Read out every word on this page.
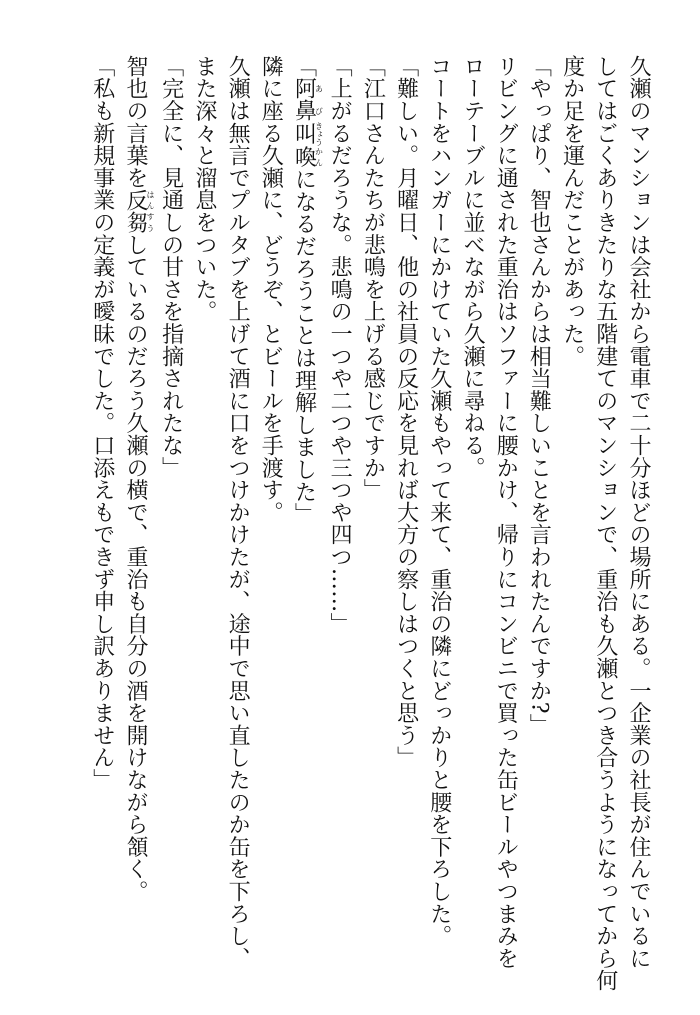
久瀬のマンションは会社から電車で二十分ほどの場所にある。一企業の社長が住んでいるに

してはごくありきたりな五階建てのマンションで、重治も久瀬とつき合うようになってから何

度か足を運んだことがあった。

「やっぱり、智也さんからは相当難しいことを言われたんですか?」

リビングに通された重治はソファーに腰かけ、帰りにコンビニで買った缶ビールやつまみを

ローテーブルに並べながら久瀬に尋ねる。

コートをハンガーにかけていた久瀬もやって来て、重治の隣にどっかりと腰を下ろした。

「難しい。月曜日、他の社員の反応を見れば大方の察しはつくと思う」

「江口さんたちが悲鳴を上げる感じですか」

「上がるだろうな。悲鳴の一つや二つや三つや四つ……」

「阿あ鼻び叫きょう喚かんになるだろうことは理解しました」

隣に座る久瀬に、どうぞ、とビールを手渡す。

久瀬は無言でプルタブを上げて酒に口をつけかけたが、途中で思い直したのか缶を下ろし、

また深々と溜息をついた。

「完全に、見通しの甘さを指摘されたな」

智也の言葉を反はん芻すうしているのだろう久瀬の横で、重治も自分の酒を開けながら頷く。

「私も新規事業の定義が曖昧でした。口添えもできず申し訳ありません」
